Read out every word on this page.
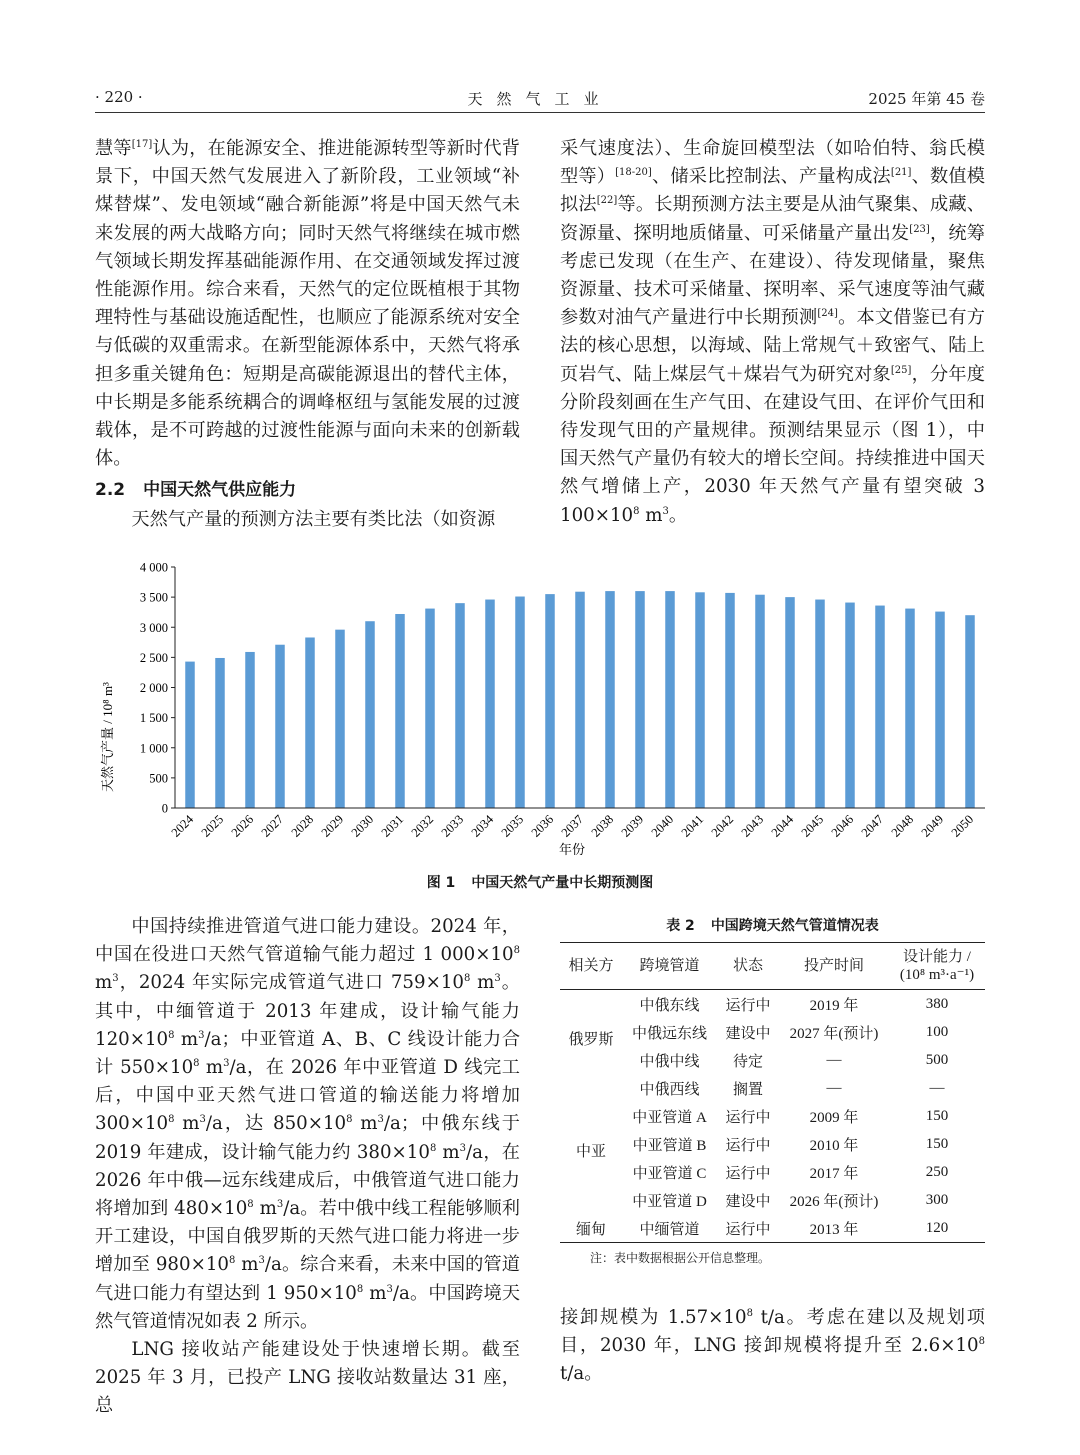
· 220 ·	天然气工业	2025 年第 45 卷

慧等[17]认为，在能源安全、推进能源转型等新时代背景下，中国天然气发展进入了新阶段，工业领域“补煤替煤”、发电领域“融合新能源”将是中国天然气未来发展的两大战略方向；同时天然气将继续在城市燃气领域长期发挥基础能源作用、在交通领域发挥过渡性能源作用。综合来看，天然气的定位既植根于其物理特性与基础设施适配性，也顺应了能源系统对安全与低碳的双重需求。在新型能源体系中，天然气将承担多重关键角色：短期是高碳能源退出的替代主体，中长期是多能系统耦合的调峰枢纽与氢能发展的过渡载体，是不可跨越的过渡性能源与面向未来的创新载体。

2.2 中国天然气供应能力

天然气产量的预测方法主要有类比法（如资源

采气速度法）、生命旋回模型法（如哈伯特、翁氏模型等）[18-20]、储采比控制法、产量构成法[21]、数值模拟法[22]等。长期预测方法主要是从油气聚集、成藏、资源量、探明地质储量、可采储量产量出发[23]，统筹考虑已发现（在生产、在建设）、待发现储量，聚焦资源量、技术可采储量、探明率、采气速度等油气藏参数对油气产量进行中长期预测[24]。本文借鉴已有方法的核心思想，以海域、陆上常规气＋致密气、陆上页岩气、陆上煤层气＋煤岩气为研究对象[25]，分年度分阶段刻画在生产气田、在建设气田、在评价气田和待发现气田的产量规律。预测结果显示（图 1），中国天然气产量仍有较大的增长空间。持续推进中国天然气增储上产，2030 年天然气产量有望突破 3 $100\times 10^8$ $m^3$。

0
500
1 000
1 500
2 000
2 500
3 000
3 500
4 000
2024 2025 2026 2027 2028 2029 2030 2031 2032 2033 2034 2035 2036 2037 2038 2039 2040 2041 2042 2043 2044 2045 2046 2047 2048 2049 2050
天然气产量 / 10⁸ m³
年份
图 1 中国天然气产量中长期预测图

中国持续推进管道气进口能力建设。2024 年，中国在役进口天然气管道输气能力超过 1 $000\times 10^8$ $m^3$，2024 年实际完成管道气进口 $759\times 10^8$ $m^3$。其中，中缅管道于 2013 年建成，设计输气能力 $120\times 10^8$ $m^3/a$；中亚管道 A、B、C 线设计能力合计 $550\times 10^8$ $m^3/a$，在 2026 年中亚管道 D 线完工后，中国中亚天然气进口管道的输送能力将增加 $300\times 10^8$ $m^3/a$，达 $850\times 10^8$ $m^3/a$；中俄东线于 2019 年建成，设计输气能力约 $380\times 10^8$ $m^3/a$，在 2026 年中俄—远东线建成后，中俄管道气进口能力将增加到 $480\times 10^8$ $m^3/a$。若中俄中线工程能够顺利开工建设，中国自俄罗斯的天然气进口能力将进一步增加至 $980\times 10^8$ $m^3/a$。综合来看，未来中国的管道气进口能力有望达到 1 $950\times 10^8$ $m^3/a$。中国跨境天然气管道情况如表 2 所示。

LNG 接收站产能建设处于快速增长期。截至 2025 年 3 月，已投产 LNG 接收站数量达 31 座，总

表 2 中国跨境天然气管道情况表
相关方	跨境管道	状态	投产时间	设计能力 /
(10⁸ m³·a⁻¹)
俄罗斯	中俄东线	运行中	2019 年	380
	中俄远东线	建设中	2027 年(预计)	100
	中俄中线	待定	—	500
	中俄西线	搁置	—	—
中亚	中亚管道 A	运行中	2009 年	150
	中亚管道 B	运行中	2010 年	150
	中亚管道 C	运行中	2017 年	250
	中亚管道 D	建设中	2026 年(预计)	300
缅甸	中缅管道	运行中	2013 年	120
注：表中数据根据公开信息整理。

接卸规模为 $1.57\times 10^8$ t/a。考虑在建以及规划项目，2030 年，LNG 接卸规模将提升至 $2.6\times 10^8$ t/a。
